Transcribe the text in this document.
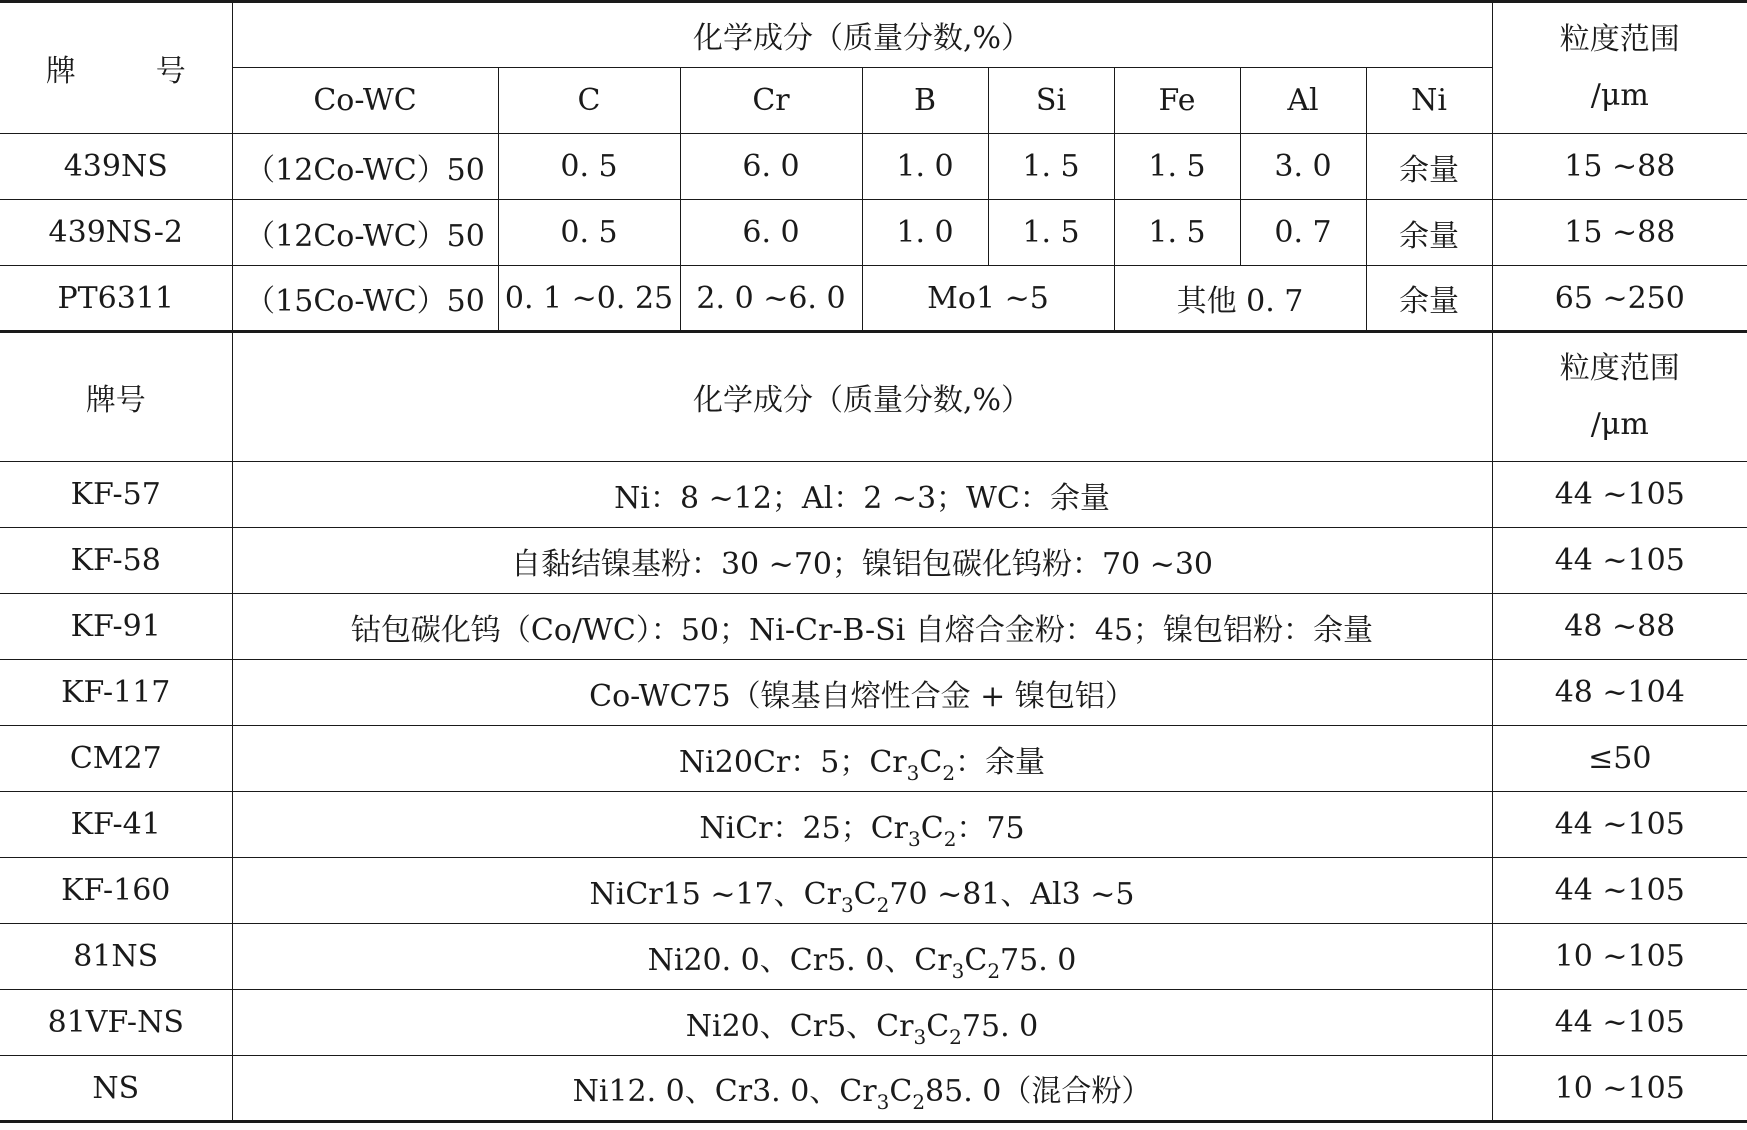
牌 号	化学成分（质量分数,%）								粒度范围
/μm

	Co-WC	C	Cr	B	Si	Fe	Al	Ni	
439NS	（12Co-WC）50	0. 5	6. 0	1. 0	1. 5	1. 5	3. 0	余量	15 ~88
439NS-2	（12Co-WC）50	0. 5	6. 0	1. 0	1. 5	1. 5	0. 7	余量	15 ~88
PT6311	（15Co-WC）50	0. 1 ~0. 25	2. 0 ~6. 0	Mo1 ~5		其他 0. 7		余量	65 ~250
牌号	化学成分（质量分数,%）	粒度范围
/μm

KF-57	Ni：8 ~12；Al：2 ~3；WC：余量	44 ~105
KF-58	自黏结镍基粉：30 ~70；镍铝包碳化钨粉：70 ~30	44 ~105
KF-91	钴包碳化钨（Co/WC）：50；Ni-Cr-B-Si 自熔合金粉：45；镍包铝粉：余量	48 ~88
KF-117	Co-WC75（镍基自熔性合金 + 镍包铝）	48 ~104
CM27	Ni20Cr：5；$Cr_3C_2$：余量	≤50
KF-41	NiCr：25；$Cr_3C_2$：75	44 ~105
KF-160	NiCr15 ~17、$Cr_3C_270$ ~81、Al3 ~5	44 ~105
81NS	Ni20. 0、Cr5. 0、$Cr_3C_275$. 0	10 ~105
81VF-NS	Ni20、Cr5、$Cr_3C_275$. 0	44 ~105
NS	Ni12. 0、Cr3. 0、$Cr_3C_285$. 0（混合粉）	10 ~105
